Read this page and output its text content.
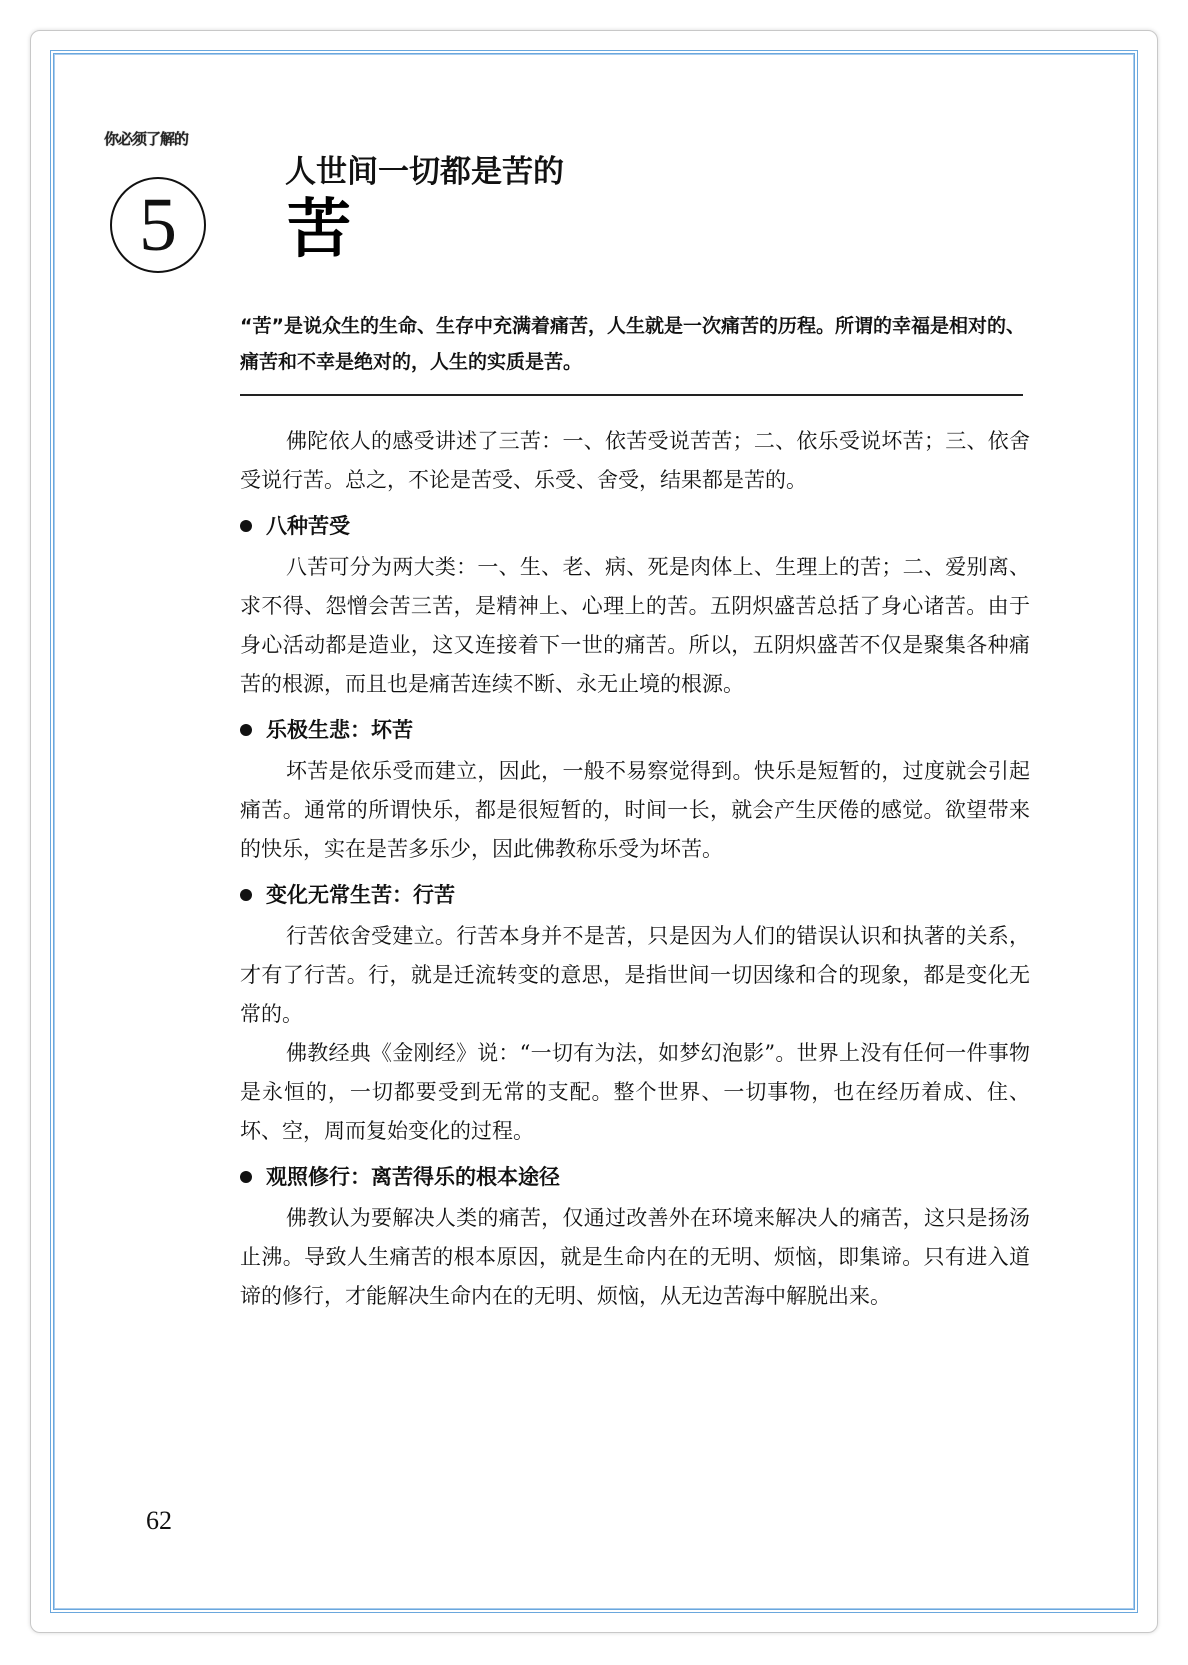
你必须了解的
5
人世间一切都是苦的
苦
“苦”是说众生的生命、生存中充满着痛苦，人生就是一次痛苦的历程。所谓的幸福是相对的、痛苦和不幸是绝对的，人生的实质是苦。

佛陀依人的感受讲述了三苦：一、依苦受说苦苦；二、依乐受说坏苦；三、依舍受说行苦。总之，不论是苦受、乐受、舍受，结果都是苦的。

八种苦受

八苦可分为两大类：一、生、老、病、死是肉体上、生理上的苦；二、爱别离、求不得、怨憎会苦三苦，是精神上、心理上的苦。五阴炽盛苦总括了身心诸苦。由于身心活动都是造业，这又连接着下一世的痛苦。所以，五阴炽盛苦不仅是聚集各种痛苦的根源，而且也是痛苦连续不断、永无止境的根源。

乐极生悲：坏苦

坏苦是依乐受而建立，因此，一般不易察觉得到。快乐是短暂的，过度就会引起痛苦。通常的所谓快乐，都是很短暂的，时间一长，就会产生厌倦的感觉。欲望带来的快乐，实在是苦多乐少，因此佛教称乐受为坏苦。

变化无常生苦：行苦

行苦依舍受建立。行苦本身并不是苦，只是因为人们的错误认识和执著的关系，才有了行苦。行，就是迁流转变的意思，是指世间一切因缘和合的现象，都是变化无常的。

佛教经典《金刚经》说：“一切有为法，如梦幻泡影”。世界上没有任何一件事物是永恒的，一切都要受到无常的支配。整个世界、一切事物，也在经历着成、住、坏、空，周而复始变化的过程。

观照修行：离苦得乐的根本途径

佛教认为要解决人类的痛苦，仅通过改善外在环境来解决人的痛苦，这只是扬汤止沸。导致人生痛苦的根本原因，就是生命内在的无明、烦恼，即集谛。只有进入道谛的修行，才能解决生命内在的无明、烦恼，从无边苦海中解脱出来。

62
